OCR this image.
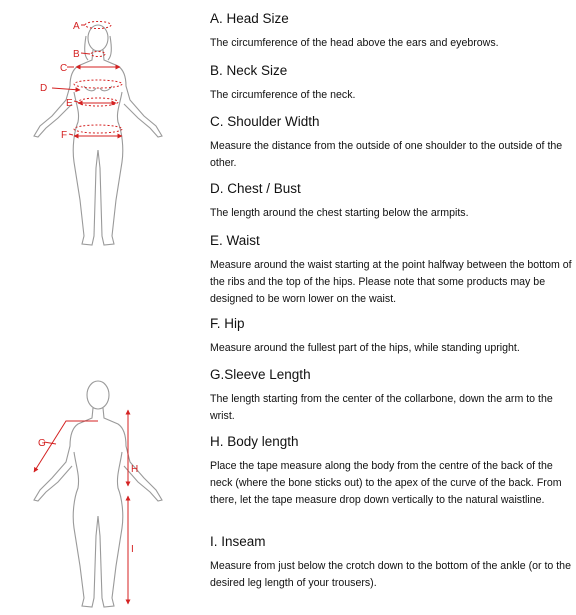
A
B
C
D
E
F
G
H
I
A. Head Size

The circumference of the head above the ears and eyebrows.

B. Neck Size

The circumference of the neck.

C. Shoulder Width

Measure the distance from the outside of one shoulder to the outside of the other.

D. Chest / Bust

The length around the chest starting below the armpits.

E. Waist

Measure around the waist starting at the point halfway between the bottom of the ribs and the top of the hips. Please note that some products may be designed to be worn lower on the waist.

F. Hip

Measure around the fullest part of the hips, while standing upright.

G.Sleeve Length

The length starting from the center of the collarbone, down the arm to the wrist.

H. Body length

Place the tape measure along the body from the centre of the back of the neck (where the bone sticks out) to the apex of the curve of the back. From there, let the tape measure drop down vertically to the natural waistline.

I. Inseam

Measure from just below the crotch down to the bottom of the ankle (or to the desired leg length of your trousers).
